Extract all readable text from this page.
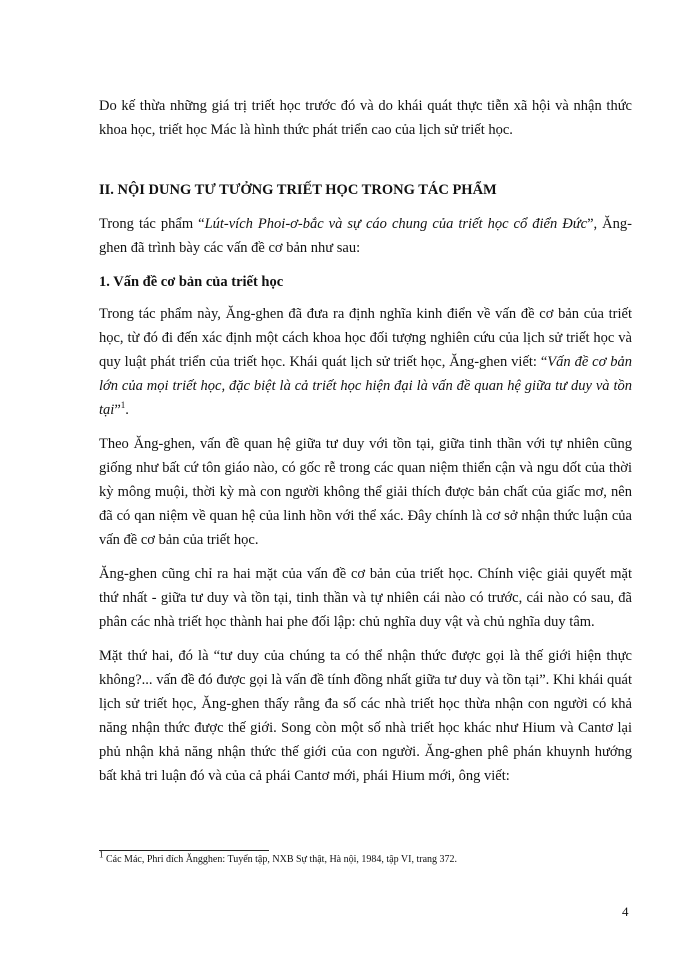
Do kế thừa những giá trị triết học trước đó và do khái quát thực tiễn xã hội và nhận thức khoa học, triết học Mác là hình thức phát triển cao của lịch sử triết học.

II. NỘI DUNG TƯ TƯỞNG TRIẾT HỌC TRONG TÁC PHẨM

Trong tác phẩm “Lút-vích Phoi-ơ-bắc và sự cáo chung của triết học cổ điển Đức”, Ăng-ghen đã trình bày các vấn đề cơ bản như sau:

1. Vấn đề cơ bản của triết học

Trong tác phẩm này, Ăng-ghen đã đưa ra định nghĩa kinh điển về vấn đề cơ bản của triết học, từ đó đi đến xác định một cách khoa học đối tượng nghiên cứu của lịch sử triết học và quy luật phát triển của triết học. Khái quát lịch sử triết học, Ăng-ghen viết: “Vấn đề cơ bản lớn của mọi triết học, đặc biệt là cả triết học hiện đại là vấn đề quan hệ giữa tư duy và tồn tại”$^1$.

Theo Ăng-ghen, vấn đề quan hệ giữa tư duy với tồn tại, giữa tinh thần với tự nhiên cũng giống như bất cứ tôn giáo nào, có gốc rễ trong các quan niệm thiển cận và ngu dốt của thời kỳ mông muội, thời kỳ mà con người không thể giải thích được bản chất của giấc mơ, nên đã có qan niệm về quan hệ của linh hồn với thể xác. Đây chính là cơ sở nhận thức luận của vấn đề cơ bản của triết học.

Ăng-ghen cũng chỉ ra hai mặt của vấn đề cơ bản của triết học. Chính việc giải quyết mặt thứ nhất - giữa tư duy và tồn tại, tinh thần và tự nhiên cái nào có trước, cái nào có sau, đã phân các nhà triết học thành hai phe đối lập: chủ nghĩa duy vật và chủ nghĩa duy tâm.

Mặt thứ hai, đó là “tư duy của chúng ta có thể nhận thức được gọi là thế giới hiện thực không?... vấn đề đó được gọi là vấn đề tính đồng nhất giữa tư duy và tồn tại”. Khi khái quát lịch sử triết học, Ăng-ghen thấy rằng đa số các nhà triết học thừa nhận con người có khả năng nhận thức được thế giới. Song còn một số nhà triết học khác như Hium và Cantơ lại phủ nhận khả năng nhận thức thế giới của con người. Ăng-ghen phê phán khuynh hướng bất khả tri luận đó và của cả phái Cantơ mới, phái Hium mới, ông viết:

$^1$ Các Mác, Phri đích Ăngghen: Tuyển tập, NXB Sự thật, Hà nội, 1984, tập VI, trang 372.
4
